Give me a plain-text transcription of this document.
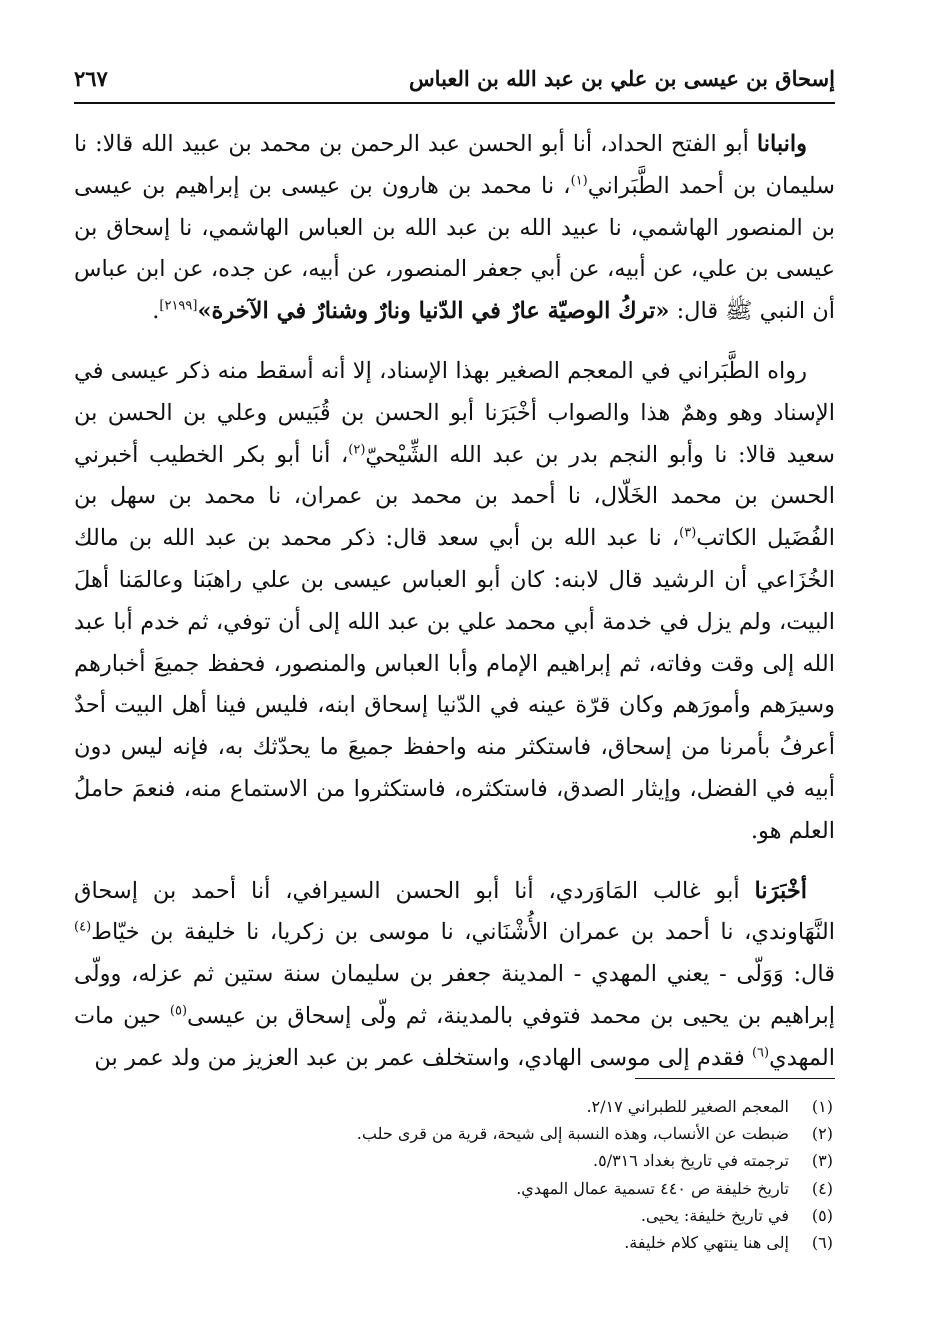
إسحاق بن عيسى بن علي بن عبد الله بن العباس
٢٦٧

وانبانا أبو الفتح الحداد، أنا أبو الحسن عبد الرحمن بن محمد بن عبيد الله قالا: نا سليمان بن أحمد الطَّبَراني$^{(١)}$، نا محمد بن هارون بن عيسى بن إبراهيم بن عيسى بن المنصور الهاشمي، نا عبيد الله بن عبد الله بن العباس الهاشمي، نا إسحاق بن عيسى بن علي، عن أبيه، عن أبي جعفر المنصور، عن أبيه، عن جده، عن ابن عباس أن النبي ﷺ قال: «تركُ الوصيّة عارٌ في الدّنيا ونارٌ وشنارٌ في الآخرة»[٢١٩٩].

رواه الطَّبَراني في المعجم الصغير بهذا الإسناد، إلا أنه أسقط منه ذكر عيسى في الإسناد وهو وهمٌ هذا والصواب أخْبَرَنا أبو الحسن بن قُبَيس وعلي بن الحسن بن سعيد قالا: نا وأبو النجم بدر بن عبد الله الشِّيْحيّ$^{(٢)}$، أنا أبو بكر الخطيب أخبرني الحسن بن محمد الخَلّال، نا أحمد بن محمد بن عمران، نا محمد بن سهل بن الفُضَيل الكاتب$^{(٣)}$، نا عبد الله بن أبي سعد قال: ذكر محمد بن عبد الله بن مالك الخُزَاعي أن الرشيد قال لابنه: كان أبو العباس عيسى بن علي راهبَنا وعالمَنا أهلَ البيت، ولم يزل في خدمة أبي محمد علي بن عبد الله إلى أن توفي، ثم خدم أبا عبد الله إلى وقت وفاته، ثم إبراهيم الإمام وأبا العباس والمنصور، فحفظ جميعَ أخبارهم وسيرَهم وأمورَهم وكان قرّة عينه في الدّنيا إسحاق ابنه، فليس فينا أهل البيت أحدٌ أعرفُ بأمرنا من إسحاق، فاستكثر منه واحفظ جميعَ ما يحدّثك به، فإنه ليس دون أبيه في الفضل، وإيثار الصدق، فاستكثره، فاستكثروا من الاستماع منه، فنعمَ حاملُ العلم هو.

أخْبَرَنا أبو غالب المَاوَردي، أنا أبو الحسن السيرافي، أنا أحمد بن إسحاق النَّهَاوندي، نا أحمد بن عمران الأُشْنَاني، نا موسى بن زكريا، نا خليفة بن خيّاط$^{(٤)}$ قال: وَوَلّى - يعني المهدي - المدينة جعفر بن سليمان سنة ستين ثم عزله، وولّى إبراهيم بن يحيى بن محمد فتوفي بالمدينة، ثم ولّى إسحاق بن عيسى$^{(٥)}$ حين مات المهدي$^{(٦)}$ فقدم إلى موسى الهادي، واستخلف عمر بن عبد العزيز من ولد عمر بن

(١)
المعجم الصغير للطبراني ٢/١٧.
(٢)
ضبطت عن الأنساب، وهذه النسبة إلى شيحة، قرية من قرى حلب.
(٣)
ترجمته في تاريخ بغداد ٥/٣١٦.
(٤)
تاريخ خليفة ص ٤٤٠ تسمية عمال المهدي.
(٥)
في تاريخ خليفة: يحيى.
(٦)
إلى هنا ينتهي كلام خليفة.
